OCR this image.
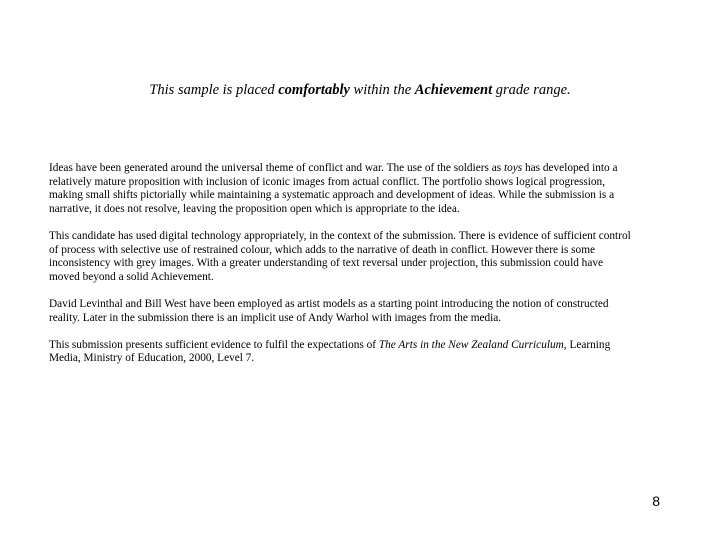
This sample is placed comfortably within the Achievement grade range.

Ideas have been generated around the universal theme of conflict and war. The use of the soldiers as toys has developed into a
relatively mature proposition with inclusion of iconic images from actual conflict. The portfolio shows logical progression,
making small shifts pictorially while maintaining a systematic approach and development of ideas. While the submission is a
narrative, it does not resolve, leaving the proposition open which is appropriate to the idea.

This candidate has used digital technology appropriately, in the context of the submission. There is evidence of sufficient control
of process with selective use of restrained colour, which adds to the narrative of death in conflict. However there is some
inconsistency with grey images. With a greater understanding of text reversal under projection, this submission could have
moved beyond a solid Achievement.

David Levinthal and Bill West have been employed as artist models as a starting point introducing the notion of constructed
reality. Later in the submission there is an implicit use of Andy Warhol with images from the media.

This submission presents sufficient evidence to fulfil the expectations of The Arts in the New Zealand Curriculum, Learning
Media, Ministry of Education, 2000, Level 7.

8
